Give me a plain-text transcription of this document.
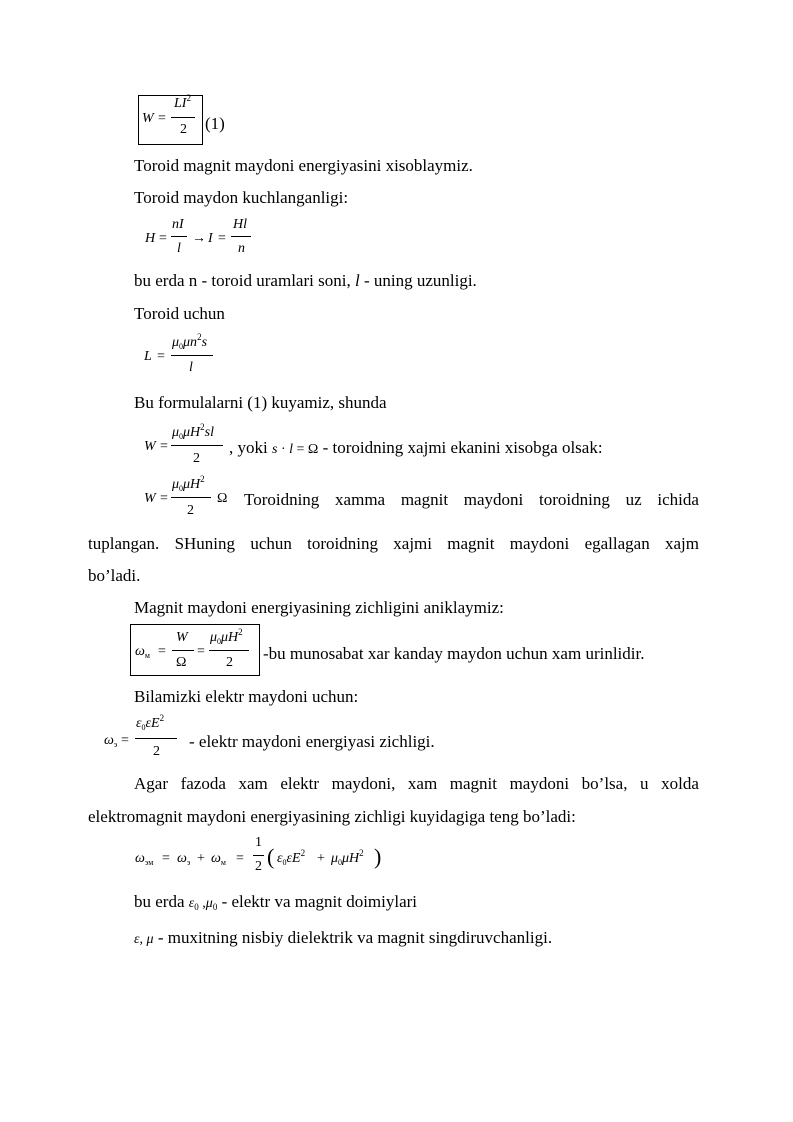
W =
$LI^2$
2 (1)
Toroid magnit maydoni energiyasini xisoblaymiz.
Toroid maydon kuchlanganligi:
H =
nI
l
→ I =
Hl
n
bu erda n - toroid uramlari soni, l - uning uzunligi.
Toroid uchun
L =
$\mu_0\mu n^2s$
l
Bu formulalarni (1) kuyamiz, shunda
W =
$\mu_0\mu H^2sl$
2
, yoki s · l = Ω - toroidning xajmi ekanini xisobga olsak:
W =
$\mu_0\mu H^2$
2
Ω Toroidning xamma magnit maydoni toroidning uz ichida
tuplangan. SHuning uchun toroidning xajmi magnit maydoni egallagan xajm
bo’ladi.
Magnit maydoni energiyasining zichligini aniklaymiz:
$\omega_м$ =
W
Ω
=
$\mu_0\mu H^2$
2 -bu munosabat xar kanday maydon uchun xam urinlidir.
Bilamizki elektr maydoni uchun:
$\omega_э$ =
$\varepsilon_0\varepsilon E^2$
2
- elektr maydoni energiyasi zichligi.
Agar fazoda xam elektr maydoni, xam magnit maydoni bo’lsa, u xolda
elektromagnit maydoni energiyasining zichligi kuyidagiga teng bo’ladi:
$\omega_{эм} = \omega_э + \omega_м$ =
1
2 ( $\varepsilon_0\varepsilon E^2 + \mu_0\mu H^2$ )
bu erda ε0 ,μ0 - elektr va magnit doimiylari
ε, μ - muxitning nisbiy dielektrik va magnit singdiruvchanligi.
